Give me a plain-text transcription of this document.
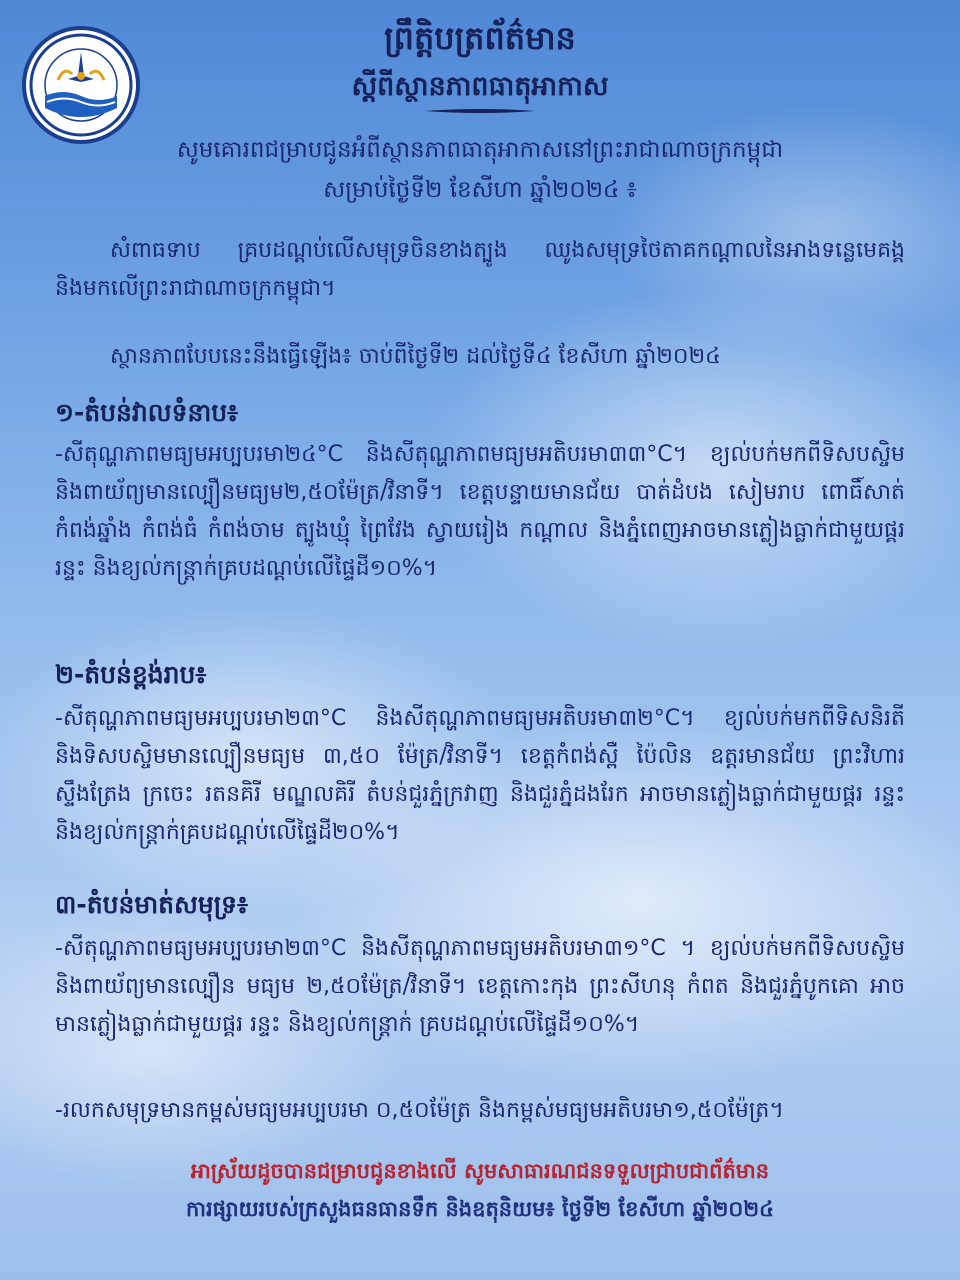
ព្រឹត្តិបត្រព័ត៌មាន
ស្តីពីស្ថានភាពធាតុអាកាស
សូមគោរពជម្រាបជូនអំពីស្ថានភាពធាតុអាកាសនៅព្រះរាជាណាចក្រកម្ពុជា
សម្រាប់ថ្ងៃទី២ ខែសីហា ឆ្នាំ២០២៤ ៖
សំពាធទាប គ្របដណ្តប់លើសមុទ្រចិនខាងត្បូង ឈូងសមុទ្រថៃតាគកណ្តាលនៃអាងទន្លេមេគង្គ និងមកលើព្រះរាជាណាចក្រកម្ពុជា។
ស្ថានភាពបែបនេះនឹងធ្វើឡើង៖ ចាប់ពីថ្ងៃទី២ ដល់ថ្ងៃទី៤ ខែសីហា ឆ្នាំ២០២៤
១-តំបន់វាលទំនាប៖
-សីតុណ្ហភាពមធ្យមអប្បបរមា២៤°C និងសីតុណ្ហភាពមធ្យមអតិបរមា៣៣°C។ ខ្យល់បក់មកពីទិសបស្ចិម និងពាយ័ព្យមានល្បឿនមធ្យម២,៥០ម៉ែត្រ/វិនាទី។ ខេត្តបន្ទាយមានជ័យ បាត់ដំបង សៀមរាប ពោធិ៍សាត់ កំពង់ឆ្នាំង កំពង់ធំ កំពង់ចាម ត្បូងឃ្មុំ ព្រៃវែង ស្វាយរៀង កណ្តាល និងភ្នំពេញអាចមានភ្លៀងធ្លាក់ជាមួយផ្គររន្ទះ និងខ្យល់កន្ត្រាក់គ្របដណ្តប់លើផ្ទៃដី១០%។
២-តំបន់ខ្ពង់រាប៖
-សីតុណ្ហភាពមធ្យមអប្បបរមា២៣°C និងសីតុណ្ហភាពមធ្យមអតិបរមា៣២°C។ ខ្យល់បក់មកពីទិសនិរតី និងទិសបស្ចិមមានល្បឿនមធ្យម ៣,៥០ ម៉ែត្រ/វិនាទី។ ខេត្តកំពង់ស្ពឺ ប៉ៃលិន ឧត្តរមានជ័យ ព្រះវិហារ ស្ទឹងត្រែង ក្រចេះ រតនគិរី មណ្ឌលគិរី តំបន់ជួរភ្នំក្រវាញ និងជួរភ្នំដងរែក អាចមានភ្លៀងធ្លាក់ជាមួយផ្គរ រន្ទះ និងខ្យល់កន្ត្រាក់គ្របដណ្តប់លើផ្ទៃដី២០%។
៣-តំបន់មាត់សមុទ្រ៖
-សីតុណ្ហភាពមធ្យមអប្បបរមា២៣°C និងសីតុណ្ហភាពមធ្យមអតិបរមា៣១°C ។ ខ្យល់បក់មកពីទិសបស្ចិម និងពាយ័ព្យមានល្បឿន មធ្យម ២,៥០ម៉ែត្រ/វិនាទី។ ខេត្តកោះកុង ព្រះសីហនុ កំពត និងជួរភ្នំបូកគោ អាចមានភ្លៀងធ្លាក់ជាមួយផ្គរ រន្ទះ និងខ្យល់កន្ត្រាក់ គ្របដណ្តប់លើផ្ទៃដី១០%។
-រលកសមុទ្រមានកម្ពស់មធ្យមអប្បបរមា ០,៥០ម៉ែត្រ និងកម្ពស់មធ្យមអតិបរមា១,៥០ម៉ែត្រ។
អាស្រ័យដូចបានជម្រាបជូនខាងលើ សូមសាធារណជនទទួលជ្រាបជាព័ត៌មាន
ការផ្សាយរបស់ក្រសួងធនធានទឹក និងឧតុនិយម៖ ថ្ងៃទី២ ខែសីហា ឆ្នាំ២០២៤
